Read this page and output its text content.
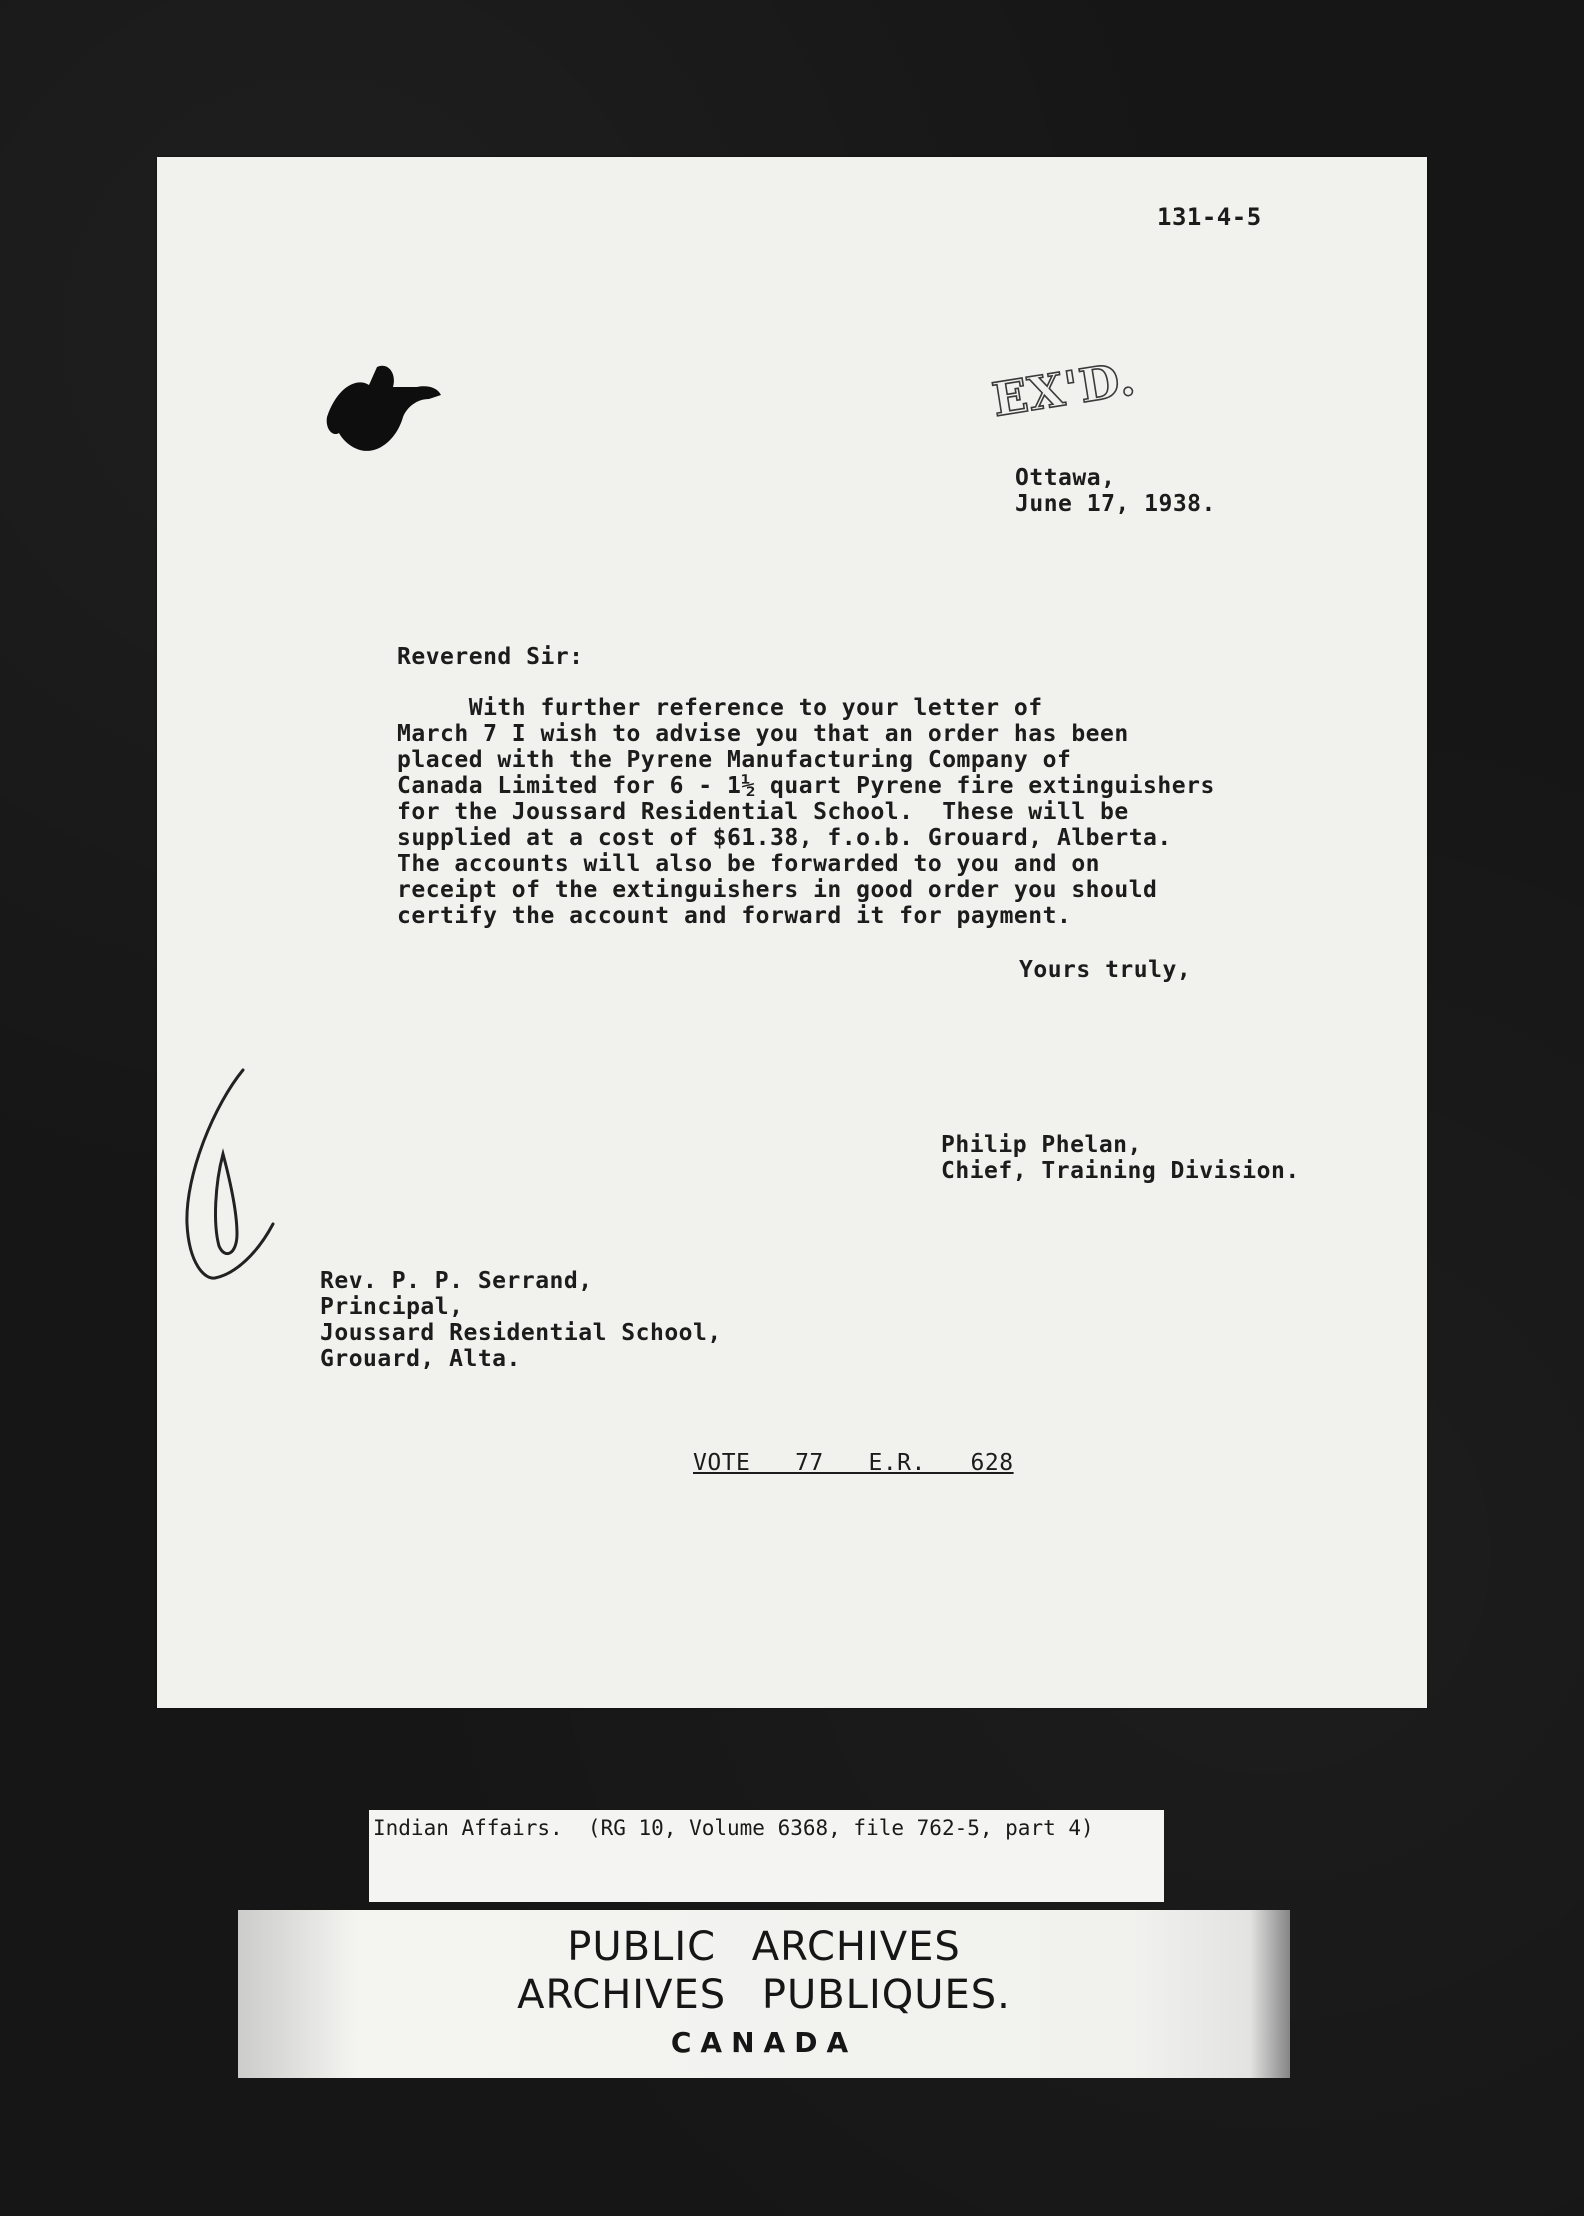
131-4-5
EX'D.
Ottawa,
June 17, 1938.
Reverend Sir:
With further reference to your letter of
March 7 I wish to advise you that an order has been
placed with the Pyrene Manufacturing Company of
Canada Limited for 6 - 1½ quart Pyrene fire extinguishers
for the Joussard Residential School.  These will be
supplied at a cost of $61.38, f.o.b. Grouard, Alberta.
The accounts will also be forwarded to you and on
receipt of the extinguishers in good order you should
certify the account and forward it for payment.
Yours truly,
Philip Phelan,
Chief, Training Division.
Rev. P. P. Serrand,
Principal,
Joussard Residential School,
Grouard, Alta.
VOTE  77  E.R.  628
Indian Affairs.  (RG 10, Volume 6368, file 762-5, part 4)
PUBLIC ARCHIVES
ARCHIVES PUBLIQUES.
CANADA
